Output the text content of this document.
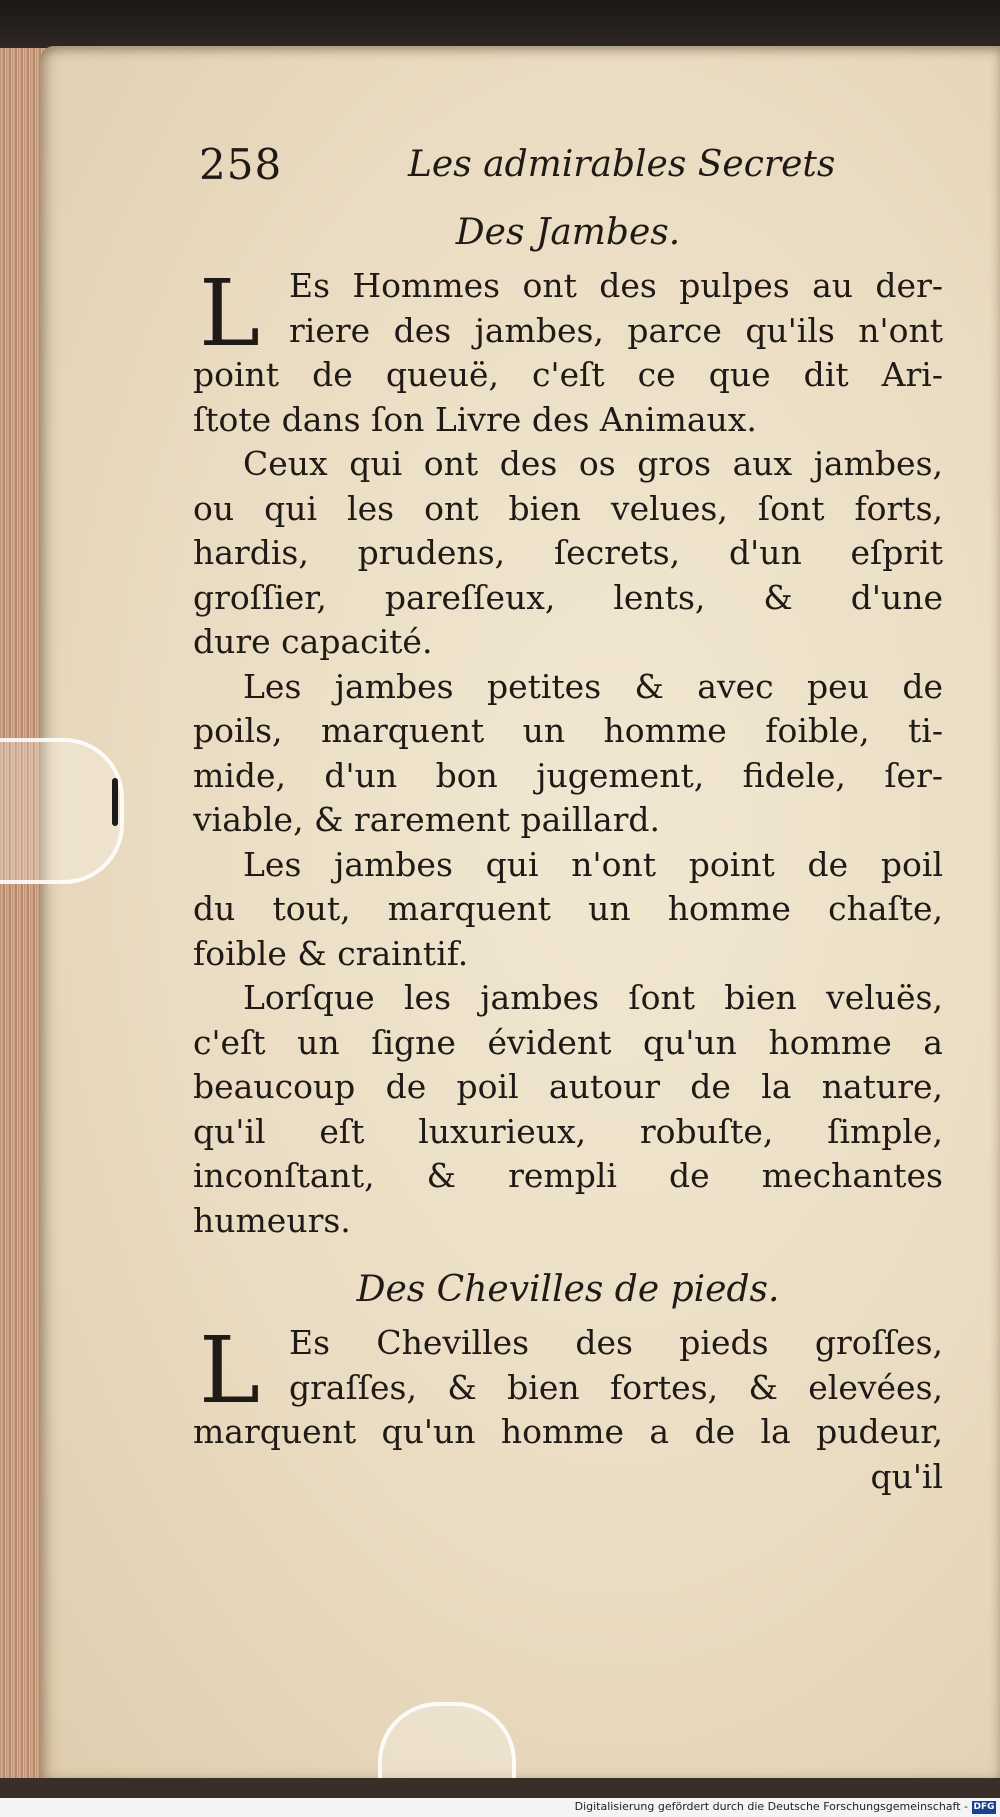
258	Les admirables Secrets
Des Jambes.
L Es Hommes ont des pulpes au der-
riere des jambes, parce qu'ils n'ont
point de queuë, c'eſt ce que dit Ari-
ſtote dans ſon Livre des Animaux.
Ceux qui ont des os gros aux jambes,
ou qui les ont bien velues, ſont forts,
hardis, prudens, ſecrets, d'un eſprit
groſſier, pareſſeux, lents, & d'une
dure capacité.
Les jambes petites & avec peu de
poils, marquent un homme foible, ti-
mide, d'un bon jugement, fidele, ſer-
viable, & rarement paillard.
Les jambes qui n'ont point de poil
du tout, marquent un homme chaſte,
foible & craintif.
Lorſque les jambes ſont bien veluës,
c'eſt un ſigne évident qu'un homme a
beaucoup de poil autour de la nature,
qu'il eſt luxurieux, robuſte, ſimple,
inconſtant, & rempli de mechantes
humeurs.
Des Chevilles de pieds.
L Es Chevilles des pieds groſſes,
graſſes, & bien fortes, & elevées,
marquent qu'un homme a de la pudeur,
qu'il
Digitalisierung gefördert durch die Deutsche Forschungsgemeinschaft - DFG
